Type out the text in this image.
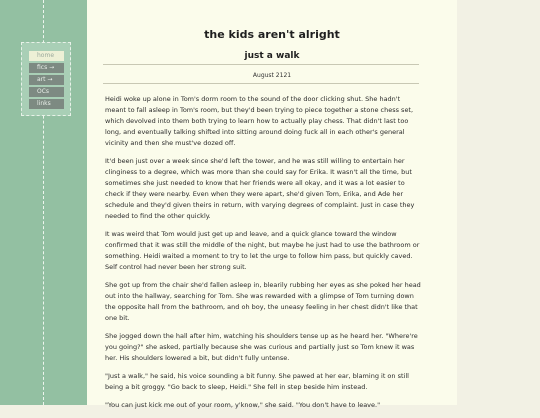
home
fics →
art →
OCs
links
the kids aren't alright
just a walk
August 2121

Heidi woke up alone in Tom's dorm room to the sound of the door clicking shut. She hadn't meant to fall asleep in Tom's room, but they'd been trying to piece together a stone chess set, which devolved into them both trying to learn how to actually play chess. That didn't last too long, and eventually talking shifted into sitting around doing fuck all in each other's general vicinity and then she must've dozed off.

It'd been just over a week since she'd left the tower, and he was still willing to entertain her clinginess to a degree, which was more than she could say for Erika. It wasn't all the time, but sometimes she just needed to know that her friends were all okay, and it was a lot easier to check if they were nearby. Even when they were apart, she'd given Tom, Erika, and Ade her schedule and they'd given theirs in return, with varying degrees of complaint. Just in case they needed to find the other quickly.

It was weird that Tom would just get up and leave, and a quick glance toward the window confirmed that it was still the middle of the night, but maybe he just had to use the bathroom or something. Heidi waited a moment to try to let the urge to follow him pass, but quickly caved. Self control had never been her strong suit.

She got up from the chair she'd fallen asleep in, blearily rubbing her eyes as she poked her head out into the hallway, searching for Tom. She was rewarded with a glimpse of Tom turning down the opposite hall from the bathroom, and oh boy, the uneasy feeling in her chest didn't like that one bit.

She jogged down the hall after him, watching his shoulders tense up as he heard her. "Where're you going?" she asked, partially because she was curious and partially just so Tom knew it was her. His shoulders lowered a bit, but didn't fully untense.

"Just a walk," he said, his voice sounding a bit funny. She pawed at her ear, blaming it on still being a bit groggy. "Go back to sleep, Heidi." She fell in step beside him instead.

"You can just kick me out of your room, y'know," she said. "You don't have to leave."
